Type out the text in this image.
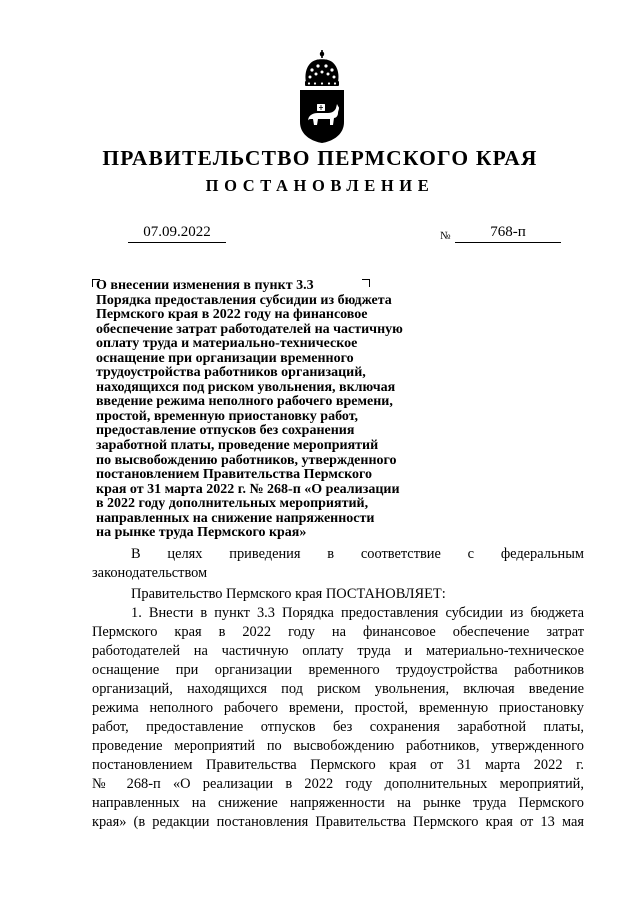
ПРАВИТЕЛЬСТВО ПЕРМСКОГО КРАЯ
ПОСТАНОВЛЕНИЕ
07.09.2022	№	768-п

О внесении изменения в пункт 3.3
Порядка предоставления субсидии из бюджета
Пермского края в 2022 году на финансовое
обеспечение затрат работодателей на частичную
оплату труда и материально-техническое
оснащение при организации временного
трудоустройства работников организаций,
находящихся под риском увольнения, включая
введение режима неполного рабочего времени,
простой, временную приостановку работ,
предоставление отпусков без сохранения
заработной платы, проведение мероприятий
по высвобождению работников, утвержденного
постановлением Правительства Пермского
края от 31 марта 2022 г. № 268-п «О реализации
в 2022 году дополнительных мероприятий,
направленных на снижение напряженности
на рынке труда Пермского края»

В целях приведения в соответствие с федеральным
законодательством

Правительство Пермского края ПОСТАНОВЛЯЕТ:

1. Внести в пункт 3.3 Порядка предоставления субсидии из бюджета
Пермского края в 2022 году на финансовое обеспечение затрат
работодателей на частичную оплату труда и материально-техническое
оснащение при организации временного трудоустройства работников
организаций, находящихся под риском увольнения, включая введение
режима неполного рабочего времени, простой, временную приостановку
работ, предоставление отпусков без сохранения заработной платы,
проведение мероприятий по высвобождению работников, утвержденного
постановлением Правительства Пермского края от 31 марта 2022 г.
№ 268-п «О реализации в 2022 году дополнительных мероприятий,
направленных на снижение напряженности на рынке труда Пермского
края» (в редакции постановления Правительства Пермского края от 13 мая
